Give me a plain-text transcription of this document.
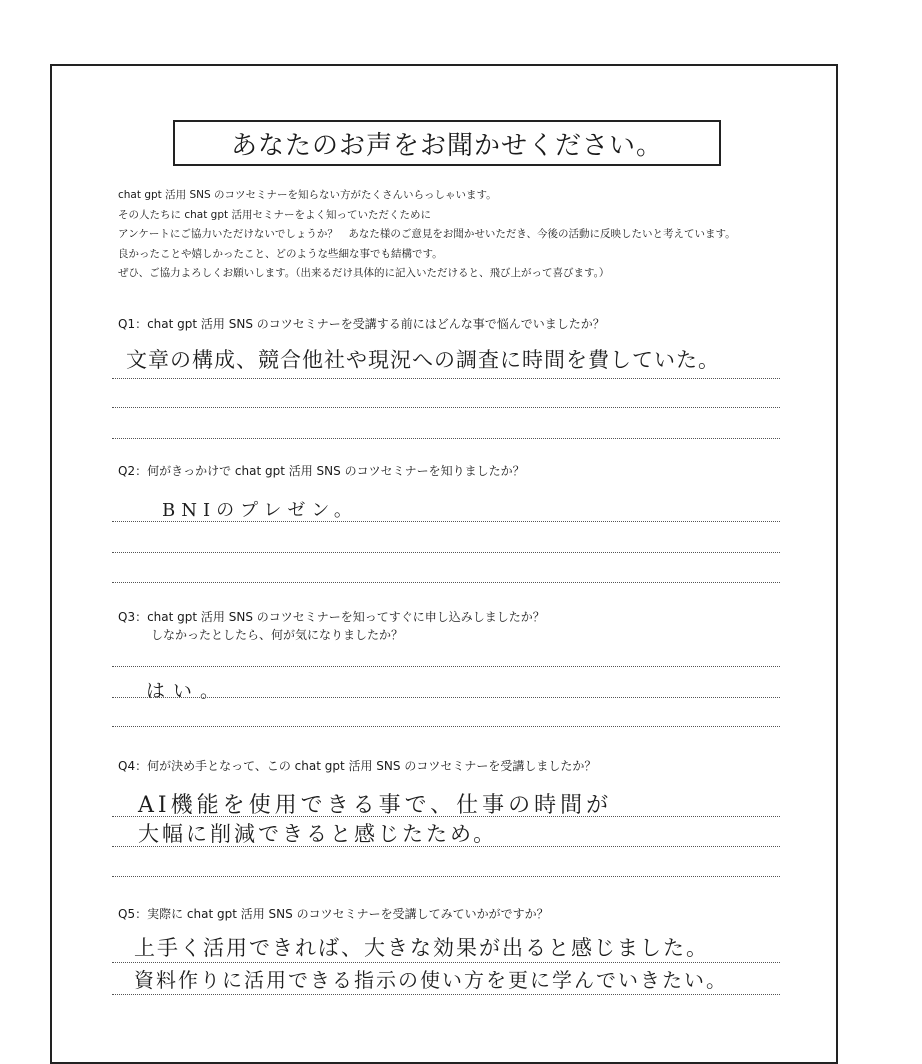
あなたのお声をお聞かせください。
chat gpt 活用 SNS のコツセミナーを知らない方がたくさんいらっしゃいます。
その人たちに chat gpt 活用セミナーをよく知っていただくために
アンケートにご協力いただけないでしょうか？　あなた様のご意見をお聞かせいただき、今後の活動に反映したいと考えています。
良かったことや嬉しかったこと、どのような些細な事でも結構です。
ぜひ、ご協力よろしくお願いします。（出来るだけ具体的に記入いただけると、飛び上がって喜びます。）
Q1：chat gpt 活用 SNS のコツセミナーを受講する前にはどんな事で悩んでいましたか？
文章の構成、競合他社や現況への調査に時間を費していた。
Q2：何がきっかけで chat gpt 活用 SNS のコツセミナーを知りましたか？
BNIのプレゼン。
Q3：chat gpt 活用 SNS のコツセミナーを知ってすぐに申し込みしましたか？
しなかったとしたら、何が気になりましたか？
はい。
Q4：何が決め手となって、この chat gpt 活用 SNS のコツセミナーを受講しましたか？
AI機能を使用できる事で、仕事の時間が
大幅に削減できると感じたため。
Q5：実際に chat gpt 活用 SNS のコツセミナーを受講してみていかがですか？
上手く活用できれば、大きな効果が出ると感じました。
資料作りに活用できる指示の使い方を更に学んでいきたい。
